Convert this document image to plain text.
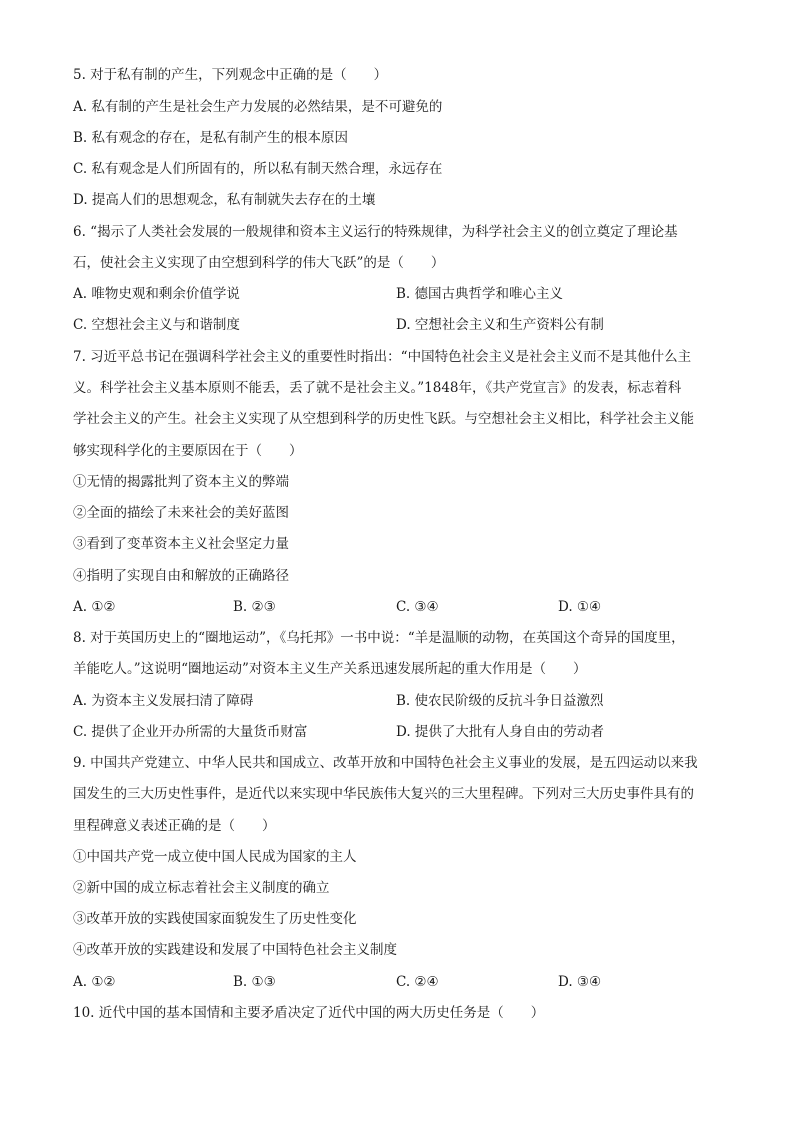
5. 对于私有制的产生，下列观念中正确的是（　　）
A. 私有制的产生是社会生产力发展的必然结果，是不可避免的
B. 私有观念的存在，是私有制产生的根本原因
C. 私有观念是人们所固有的，所以私有制天然合理，永远存在
D. 提高人们的思想观念，私有制就失去存在的土壤
6. “揭示了人类社会发展的一般规律和资本主义运行的特殊规律，为科学社会主义的创立奠定了理论基
石，使社会主义实现了由空想到科学的伟大飞跃”的是（　　）
A. 唯物史观和剩余价值学说	B. 德国古典哲学和唯心主义
C. 空想社会主义与和谐制度	D. 空想社会主义和生产资料公有制
7. 习近平总书记在强调科学社会主义的重要性时指出：“中国特色社会主义是社会主义而不是其他什么主
义。科学社会主义基本原则不能丢，丢了就不是社会主义。”1848年，《共产党宣言》的发表，标志着科
学社会主义的产生。社会主义实现了从空想到科学的历史性飞跃。与空想社会主义相比，科学社会主义能
够实现科学化的主要原因在于（　　）
①无情的揭露批判了资本主义的弊端
②全面的描绘了未来社会的美好蓝图
③看到了变革资本主义社会坚定力量
④指明了实现自由和解放的正确路径
A. ①②	B. ②③	C. ③④	D. ①④
8. 对于英国历史上的“圈地运动”，《乌托邦》一书中说：“羊是温顺的动物，在英国这个奇异的国度里，
羊能吃人。”这说明“圈地运动”对资本主义生产关系迅速发展所起的重大作用是（　　）
A. 为资本主义发展扫清了障碍	B. 使农民阶级的反抗斗争日益激烈
C. 提供了企业开办所需的大量货币财富	D. 提供了大批有人身自由的劳动者
9. 中国共产党建立、中华人民共和国成立、改革开放和中国特色社会主义事业的发展，是五四运动以来我
国发生的三大历史性事件，是近代以来实现中华民族伟大复兴的三大里程碑。下列对三大历史事件具有的
里程碑意义表述正确的是（　　）
①中国共产党一成立使中国人民成为国家的主人
②新中国的成立标志着社会主义制度的确立
③改革开放的实践使国家面貌发生了历史性变化
④改革开放的实践建设和发展了中国特色社会主义制度
A. ①②	B. ①③	C. ②④	D. ③④
10. 近代中国的基本国情和主要矛盾决定了近代中国的两大历史任务是（　　）
